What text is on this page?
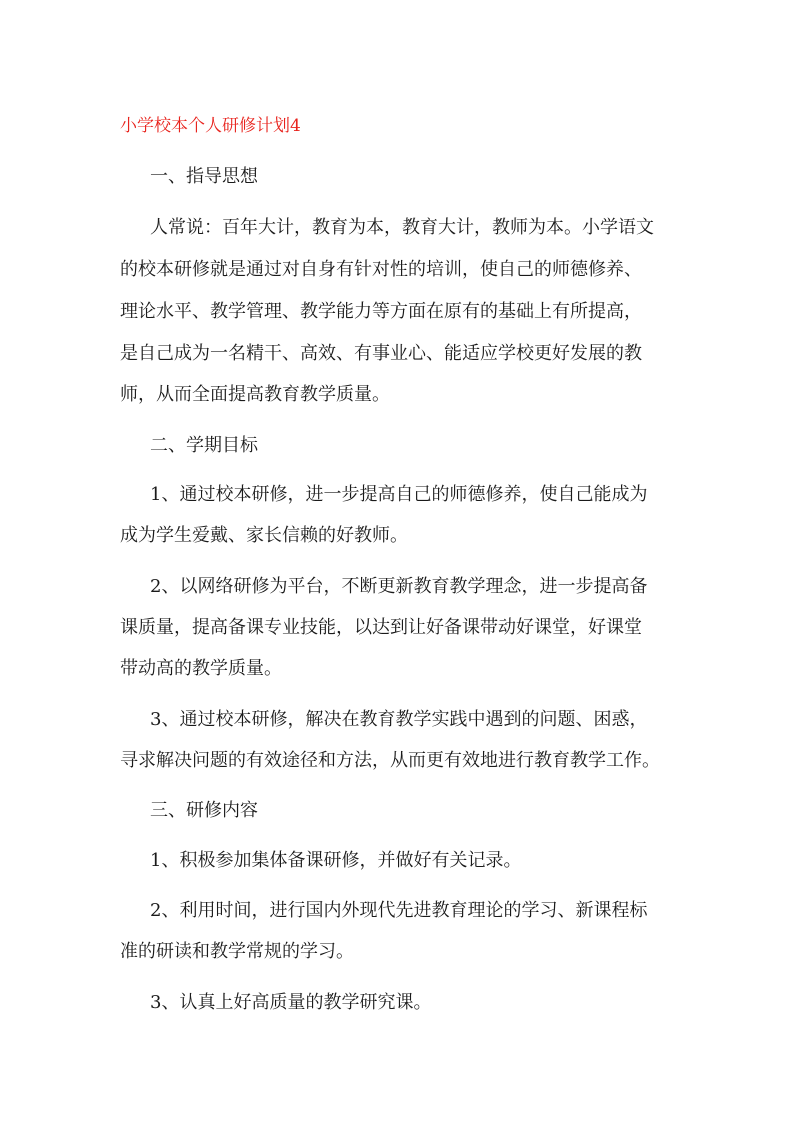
小学校本个人研修计划4
一、指导思想
人常说：百年大计，教育为本，教育大计，教师为本。小学语文
的校本研修就是通过对自身有针对性的培训，使自己的师德修养、
理论水平、教学管理、教学能力等方面在原有的基础上有所提高，
是自己成为一名精干、高效、有事业心、能适应学校更好发展的教
师，从而全面提高教育教学质量。
二、学期目标
1、通过校本研修，进一步提高自己的师德修养，使自己能成为
成为学生爱戴、家长信赖的好教师。
2、以网络研修为平台，不断更新教育教学理念，进一步提高备
课质量，提高备课专业技能，以达到让好备课带动好课堂，好课堂
带动高的教学质量。
3、通过校本研修，解决在教育教学实践中遇到的问题、困惑，
寻求解决问题的有效途径和方法，从而更有效地进行教育教学工作。
三、研修内容
1、积极参加集体备课研修，并做好有关记录。
2、利用时间，进行国内外现代先进教育理论的学习、新课程标
准的研读和教学常规的学习。
3、认真上好高质量的教学研究课。
